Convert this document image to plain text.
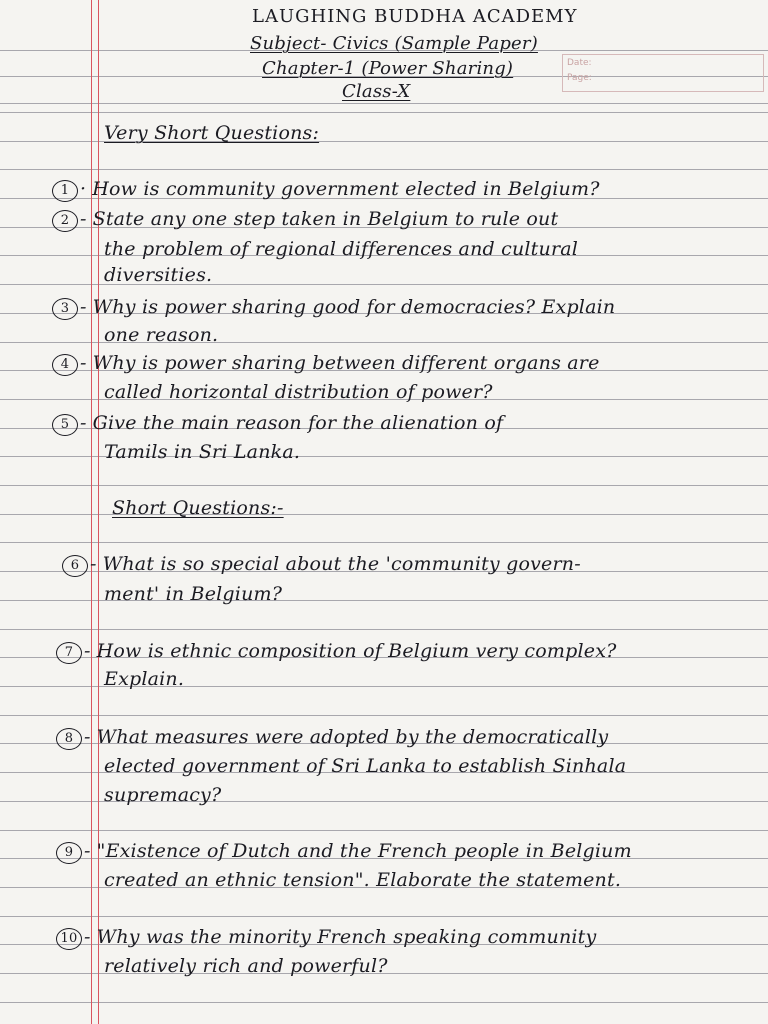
LAUGHING BUDDHA ACADEMY
Subject- Civics (Sample Paper)
Chapter-1 (Power Sharing)
Class-X
Date:
Page:
Very Short Questions:
1 · How is community government elected in Belgium?
2 - State any one step taken in Belgium to rule out
the problem of regional differences and cultural
diversities.
3 - Why is power sharing good for democracies? Explain
one reason.
4 - Why is power sharing between different organs are
called horizontal distribution of power?
5 - Give the main reason for the alienation of
Tamils in Sri Lanka.
Short Questions:-
6 - What is so special about the 'community govern-
ment' in Belgium?
7 - How is ethnic composition of Belgium very complex?
Explain.
8 - What measures were adopted by the democratically
elected government of Sri Lanka to establish Sinhala
supremacy?
9 - "Existence of Dutch and the French people in Belgium
created an ethnic tension". Elaborate the statement.
10 - Why was the minority French speaking community
relatively rich and powerful?
